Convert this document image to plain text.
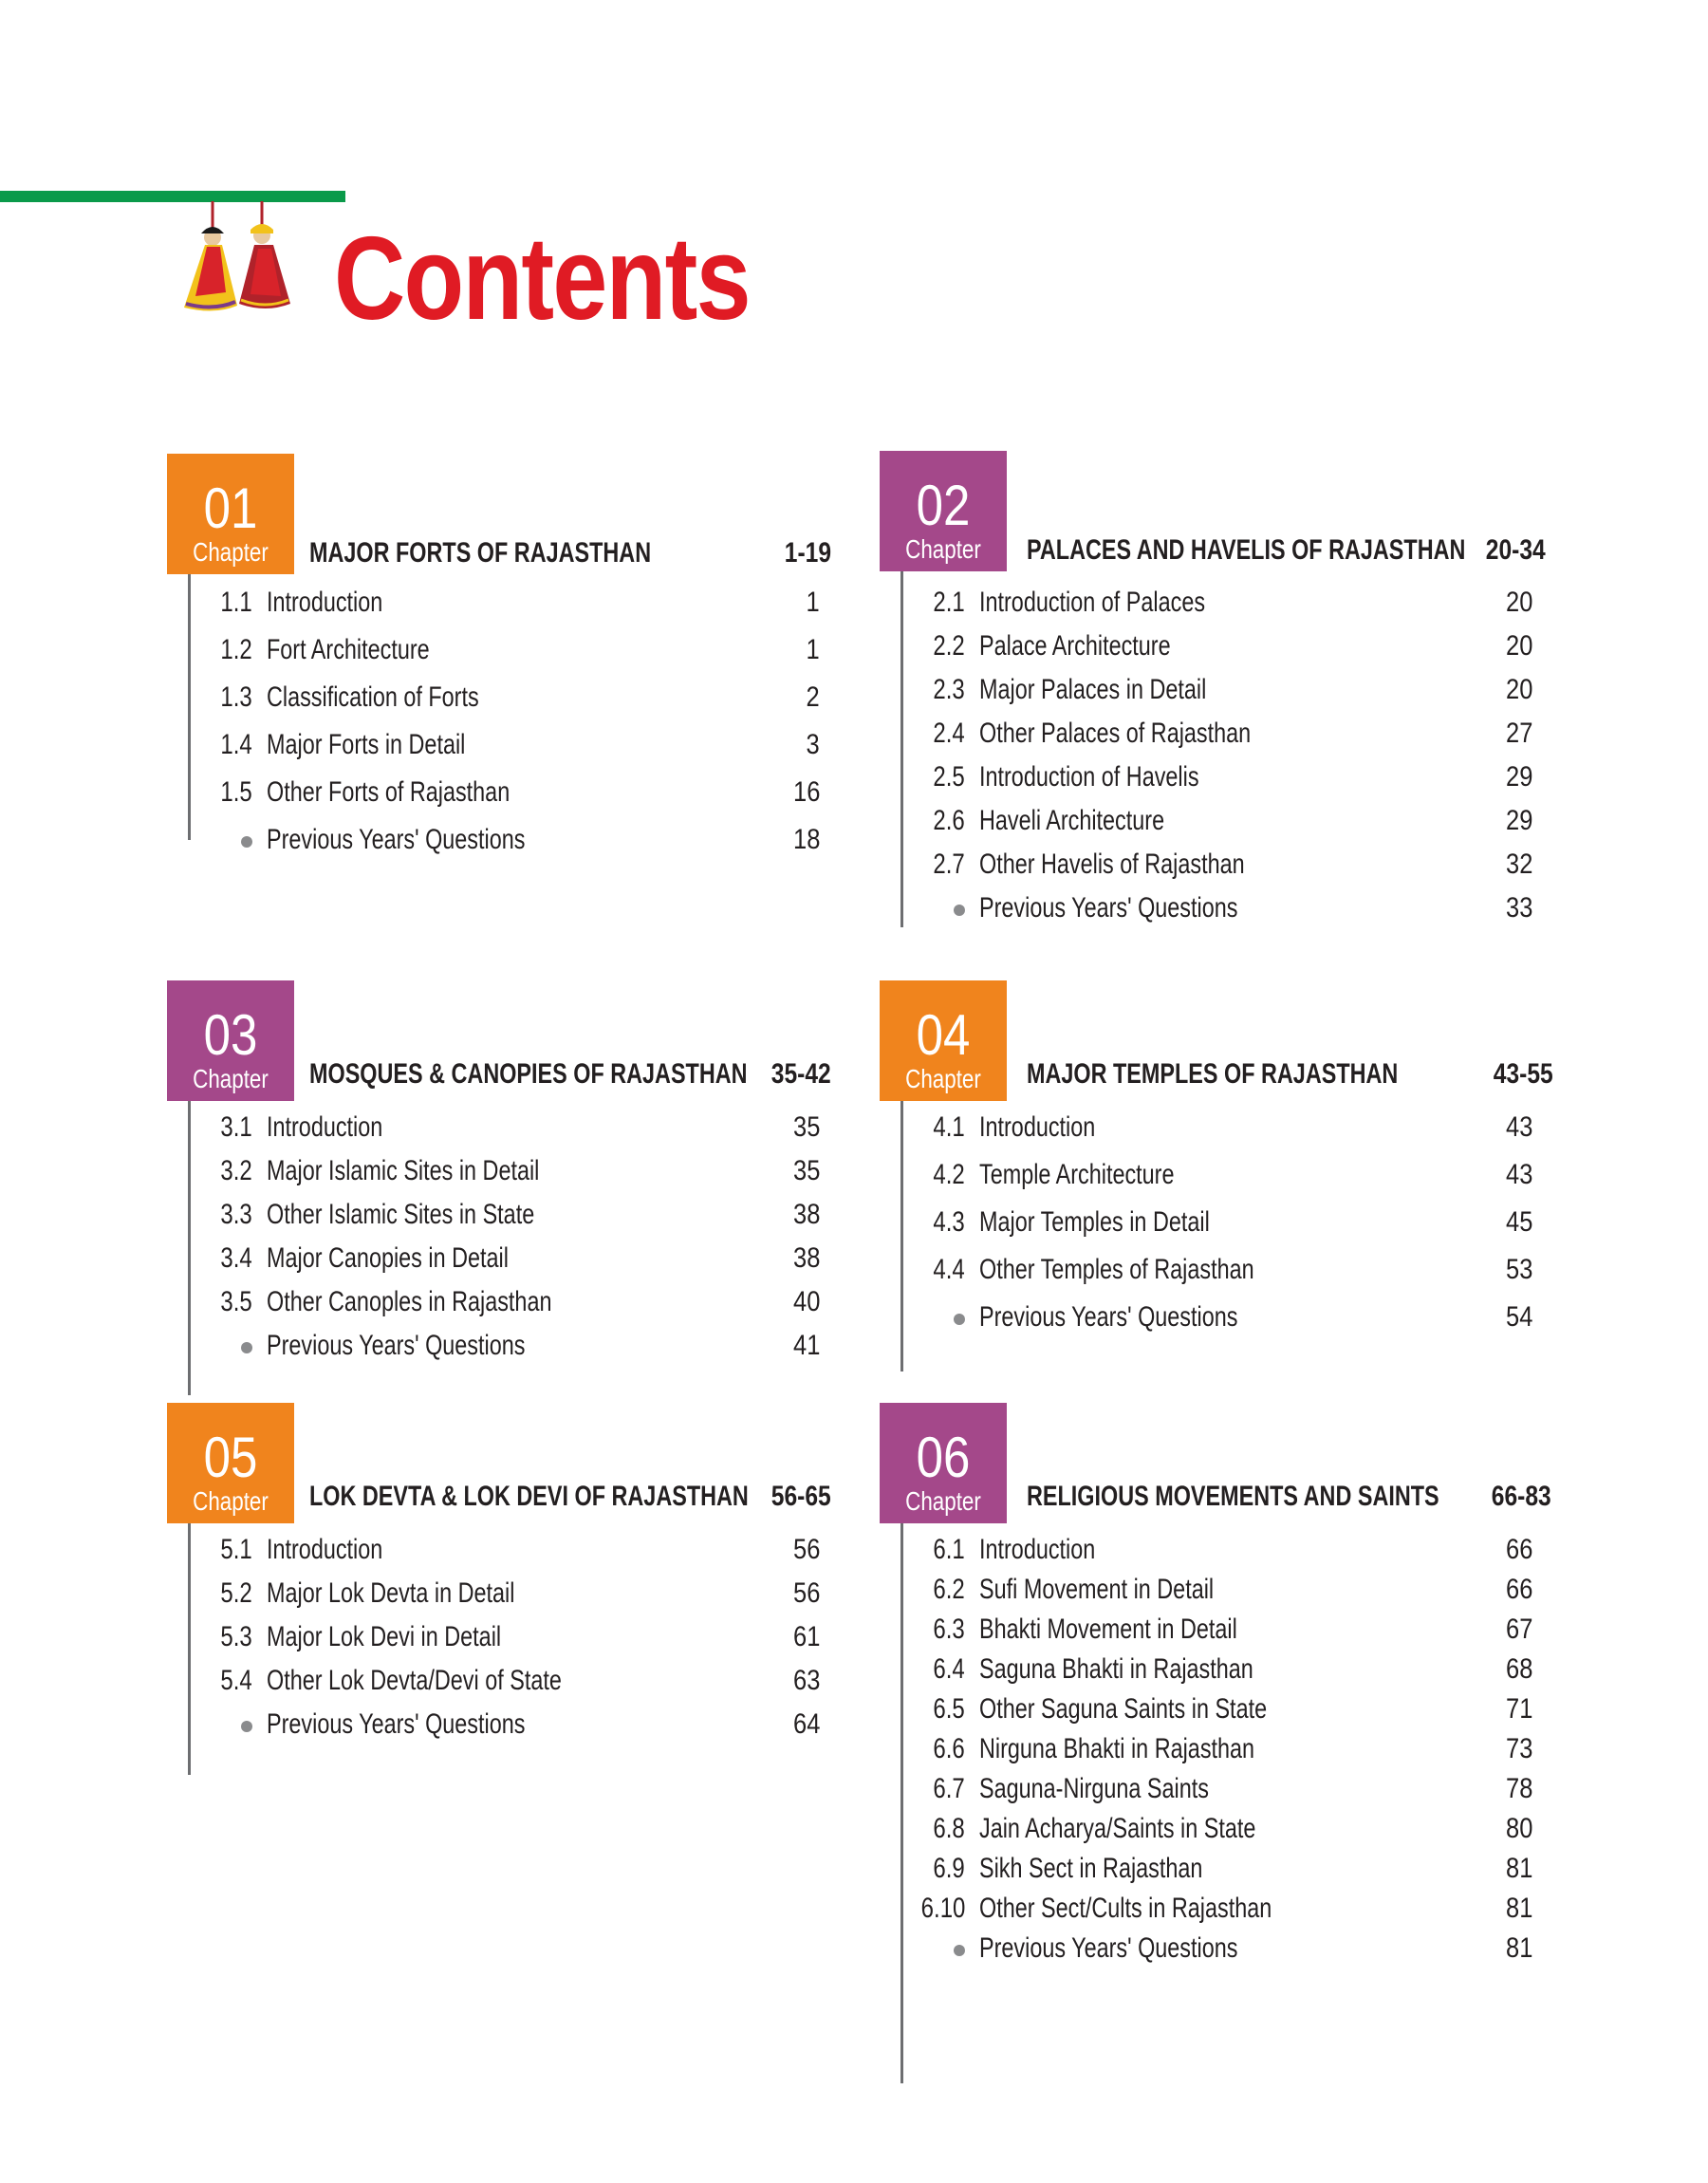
Contents
01
Chapter	MAJOR FORTS OF RAJASTHAN	1-19
1.1 Introduction	1
1.2 Fort Architecture	1
1.3 Classification of Forts	2
1.4 Major Forts in Detail	3
1.5 Other Forts of Rajasthan	16
Previous Years' Questions	18
02
Chapter	PALACES AND HAVELIS OF RAJASTHAN 20-34
2.1 Introduction of Palaces	20
2.2 Palace Architecture	20
2.3 Major Palaces in Detail	20
2.4 Other Palaces of Rajasthan	27
2.5 Introduction of Havelis	29
2.6 Haveli Architecture	29
2.7 Other Havelis of Rajasthan	32
Previous Years' Questions	33
03
Chapter	MOSQUES & CANOPIES OF RAJASTHAN 35-42
3.1 Introduction	35
3.2 Major Islamic Sites in Detail	35
3.3 Other Islamic Sites in State	38
3.4 Major Canopies in Detail	38
3.5 Other Canoples in Rajasthan	40
Previous Years' Questions	41
04
Chapter	MAJOR TEMPLES OF RAJASTHAN	43-55
4.1 Introduction	43
4.2 Temple Architecture	43
4.3 Major Temples in Detail	45
4.4 Other Temples of Rajasthan	53
Previous Years' Questions	54
05
Chapter	LOK DEVTA & LOK DEVI OF RAJASTHAN 56-65
5.1 Introduction	56
5.2 Major Lok Devta in Detail	56
5.3 Major Lok Devi in Detail	61
5.4 Other Lok Devta/Devi of State	63
Previous Years' Questions	64
06
Chapter	RELIGIOUS MOVEMENTS AND SAINTS 66-83
6.1 Introduction	66
6.2 Sufi Movement in Detail	66
6.3 Bhakti Movement in Detail	67
6.4 Saguna Bhakti in Rajasthan	68
6.5 Other Saguna Saints in State	71
6.6 Nirguna Bhakti in Rajasthan	73
6.7 Saguna-Nirguna Saints	78
6.8 Jain Acharya/Saints in State	80
6.9 Sikh Sect in Rajasthan	81
6.10 Other Sect/Cults in Rajasthan	81
Previous Years' Questions	81
